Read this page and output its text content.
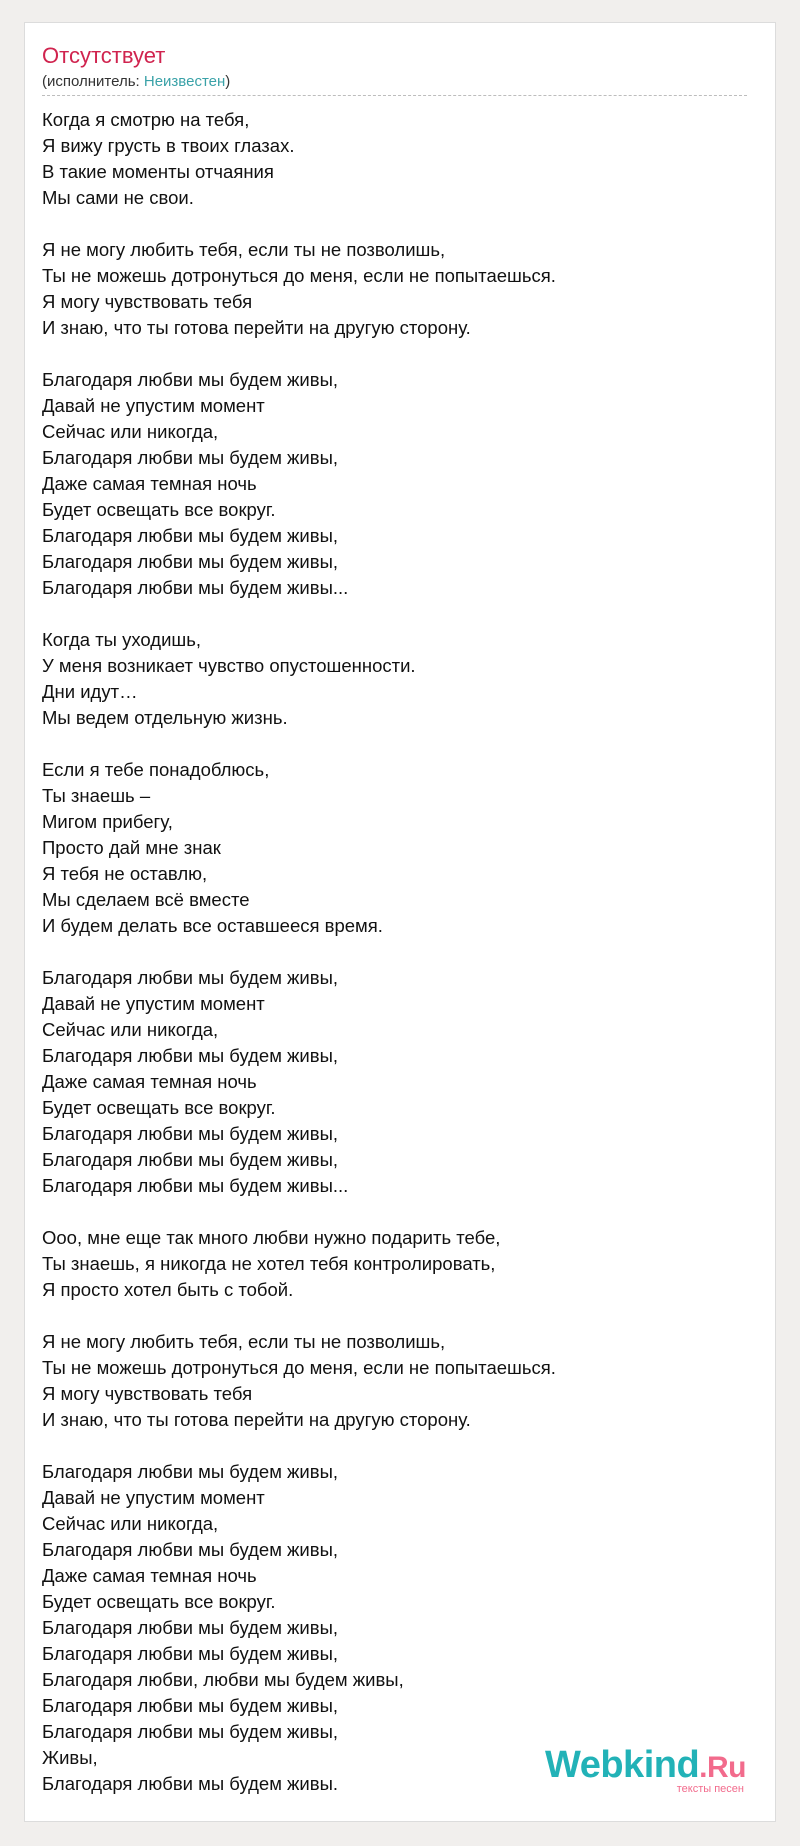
Отсутствует
(исполнитель: Неизвестен)
Когда я смотрю на тебя,
Я вижу грусть в твоих глазах.
В такие моменты отчаяния
Мы сами не свои.
Я не могу любить тебя, если ты не позволишь,
Ты не можешь дотронуться до меня, если не попытаешься.
Я могу чувствовать тебя
И знаю, что ты готова перейти на другую сторону.
Благодаря любви мы будем живы,
Давай не упустим момент
Сейчас или никогда,
Благодаря любви мы будем живы,
Даже самая темная ночь
Будет освещать все вокруг.
Благодаря любви мы будем живы,
Благодаря любви мы будем живы,
Благодаря любви мы будем живы...
Когда ты уходишь,
У меня возникает чувство опустошенности.
Дни идут…
Мы ведем отдельную жизнь.
Если я тебе понадоблюсь,
Ты знаешь –
Мигом прибегу,
Просто дай мне знак
Я тебя не оставлю,
Мы сделаем всё вместе
И будем делать все оставшееся время.
Благодаря любви мы будем живы,
Давай не упустим момент
Сейчас или никогда,
Благодаря любви мы будем живы,
Даже самая темная ночь
Будет освещать все вокруг.
Благодаря любви мы будем живы,
Благодаря любви мы будем живы,
Благодаря любви мы будем живы...
Ооо, мне еще так много любви нужно подарить тебе,
Ты знаешь, я никогда не хотел тебя контролировать,
Я просто хотел быть с тобой.
Я не могу любить тебя, если ты не позволишь,
Ты не можешь дотронуться до меня, если не попытаешься.
Я могу чувствовать тебя
И знаю, что ты готова перейти на другую сторону.
Благодаря любви мы будем живы,
Давай не упустим момент
Сейчас или никогда,
Благодаря любви мы будем живы,
Даже самая темная ночь
Будет освещать все вокруг.
Благодаря любви мы будем живы,
Благодаря любви мы будем живы,
Благодаря любви, любви мы будем живы,
Благодаря любви мы будем живы,
Благодаря любви мы будем живы,
Живы,
Благодаря любви мы будем живы.	Webkind.Ru
тексты песен
